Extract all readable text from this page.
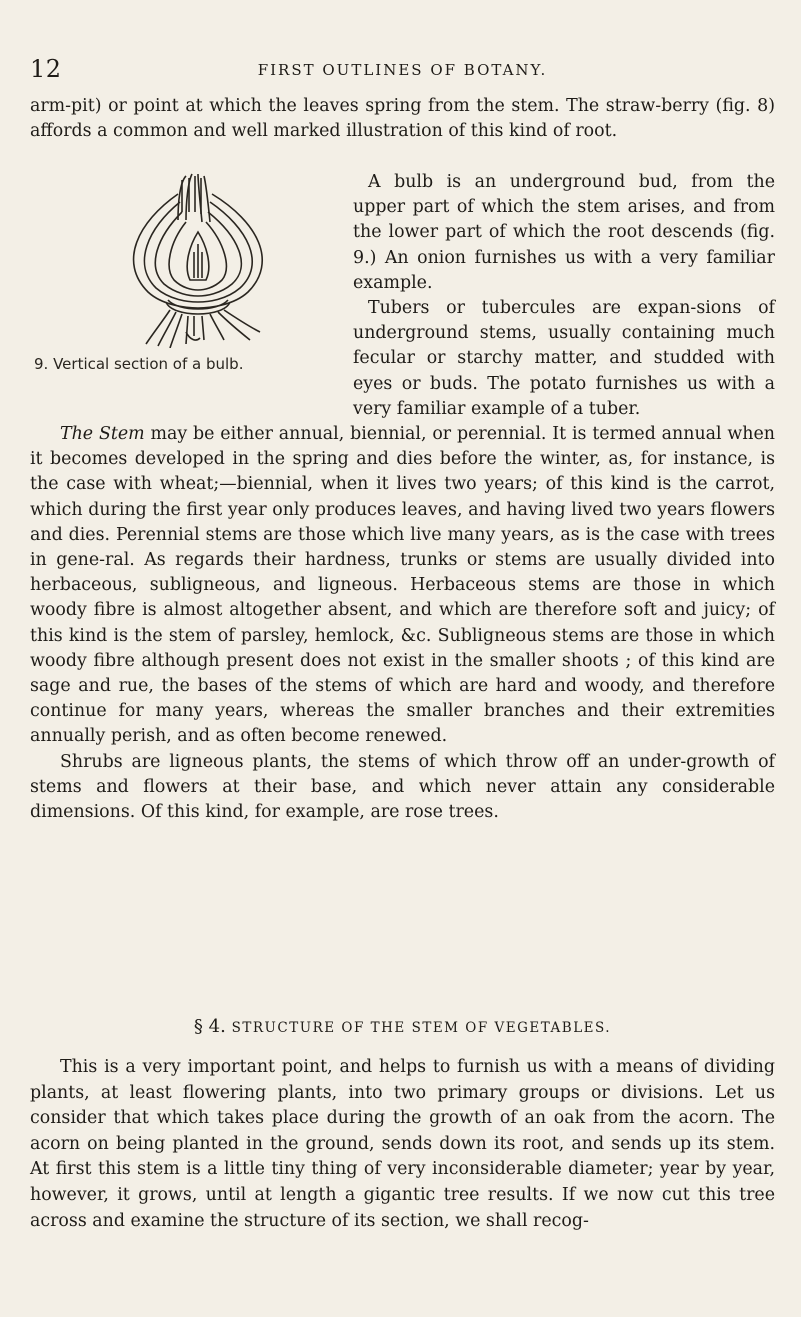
12	FIRST OUTLINES OF BOTANY.

arm-pit) or point at which the leaves spring from the stem. The straw-berry (fig. 8) affords a common and well marked illustration of this kind of root.

9. Vertical section of a bulb.

A bulb is an underground bud, from the upper part of which the stem arises, and from the lower part of which the root descends (fig. 9.) An onion furnishes us with a very familiar example.

Tubers or tubercules are expan-sions of underground stems, usually containing much fecular or starchy matter, and studded with eyes or buds. The potato furnishes us with a very familiar example of a tuber.

The Stem may be either annual, biennial, or perennial. It is termed annual when it becomes developed in the spring and dies before the winter, as, for instance, is the case with wheat;—biennial, when it lives two years; of this kind is the carrot, which during the first year only produces leaves, and having lived two years flowers and dies. Perennial stems are those which live many years, as is the case with trees in gene-ral. As regards their hardness, trunks or stems are usually divided into herbaceous, subligneous, and ligneous. Herbaceous stems are those in which woody fibre is almost altogether absent, and which are therefore soft and juicy; of this kind is the stem of parsley, hemlock, &c. Subligneous stems are those in which woody fibre although present does not exist in the smaller shoots ; of this kind are sage and rue, the bases of the stems of which are hard and woody, and therefore continue for many years, whereas the smaller branches and their extremities annually perish, and as often become renewed.

Shrubs are ligneous plants, the stems of which throw off an under-growth of stems and flowers at their base, and which never attain any considerable dimensions. Of this kind, for example, are rose trees.

§ 4. STRUCTURE OF THE STEM OF VEGETABLES.

This is a very important point, and helps to furnish us with a means of dividing plants, at least flowering plants, into two primary groups or divisions. Let us consider that which takes place during the growth of an oak from the acorn. The acorn on being planted in the ground, sends down its root, and sends up its stem. At first this stem is a little tiny thing of very inconsiderable diameter; year by year, however, it grows, until at length a gigantic tree results. If we now cut this tree across and examine the structure of its section, we shall recog-
